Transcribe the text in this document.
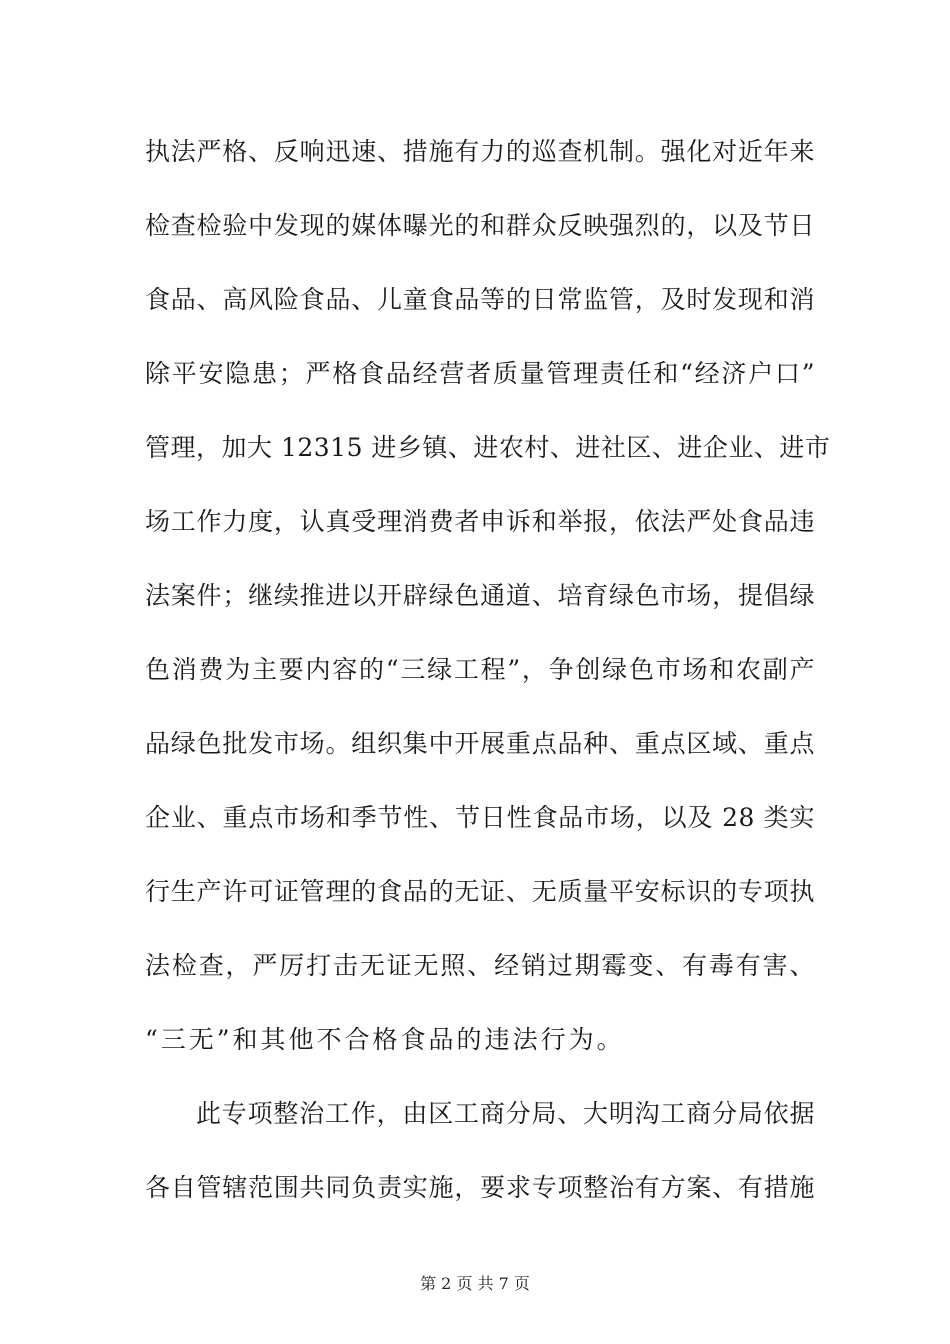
执法严格、反响迅速、措施有力的巡查机制。强化对近年来
检查检验中发现的媒体曝光的和群众反映强烈的，以及节日
食品、高风险食品、儿童食品等的日常监管，及时发现和消
除平安隐患；严格食品经营者质量管理责任和“经济户口”
管理，加大 12315 进乡镇、进农村、进社区、进企业、进市
场工作力度，认真受理消费者申诉和举报，依法严处食品违
法案件；继续推进以开辟绿色通道、培育绿色市场，提倡绿
色消费为主要内容的“三绿工程”，争创绿色市场和农副产
品绿色批发市场。组织集中开展重点品种、重点区域、重点
企业、重点市场和季节性、节日性食品市场，以及 28 类实
行生产许可证管理的食品的无证、无质量平安标识的专项执
法检查，严厉打击无证无照、经销过期霉变、有毒有害、
“三无”和其他不合格食品的违法行为。
此专项整治工作，由区工商分局、大明沟工商分局依据
各自管辖范围共同负责实施，要求专项整治有方案、有措施
第 2 页 共 7 页
